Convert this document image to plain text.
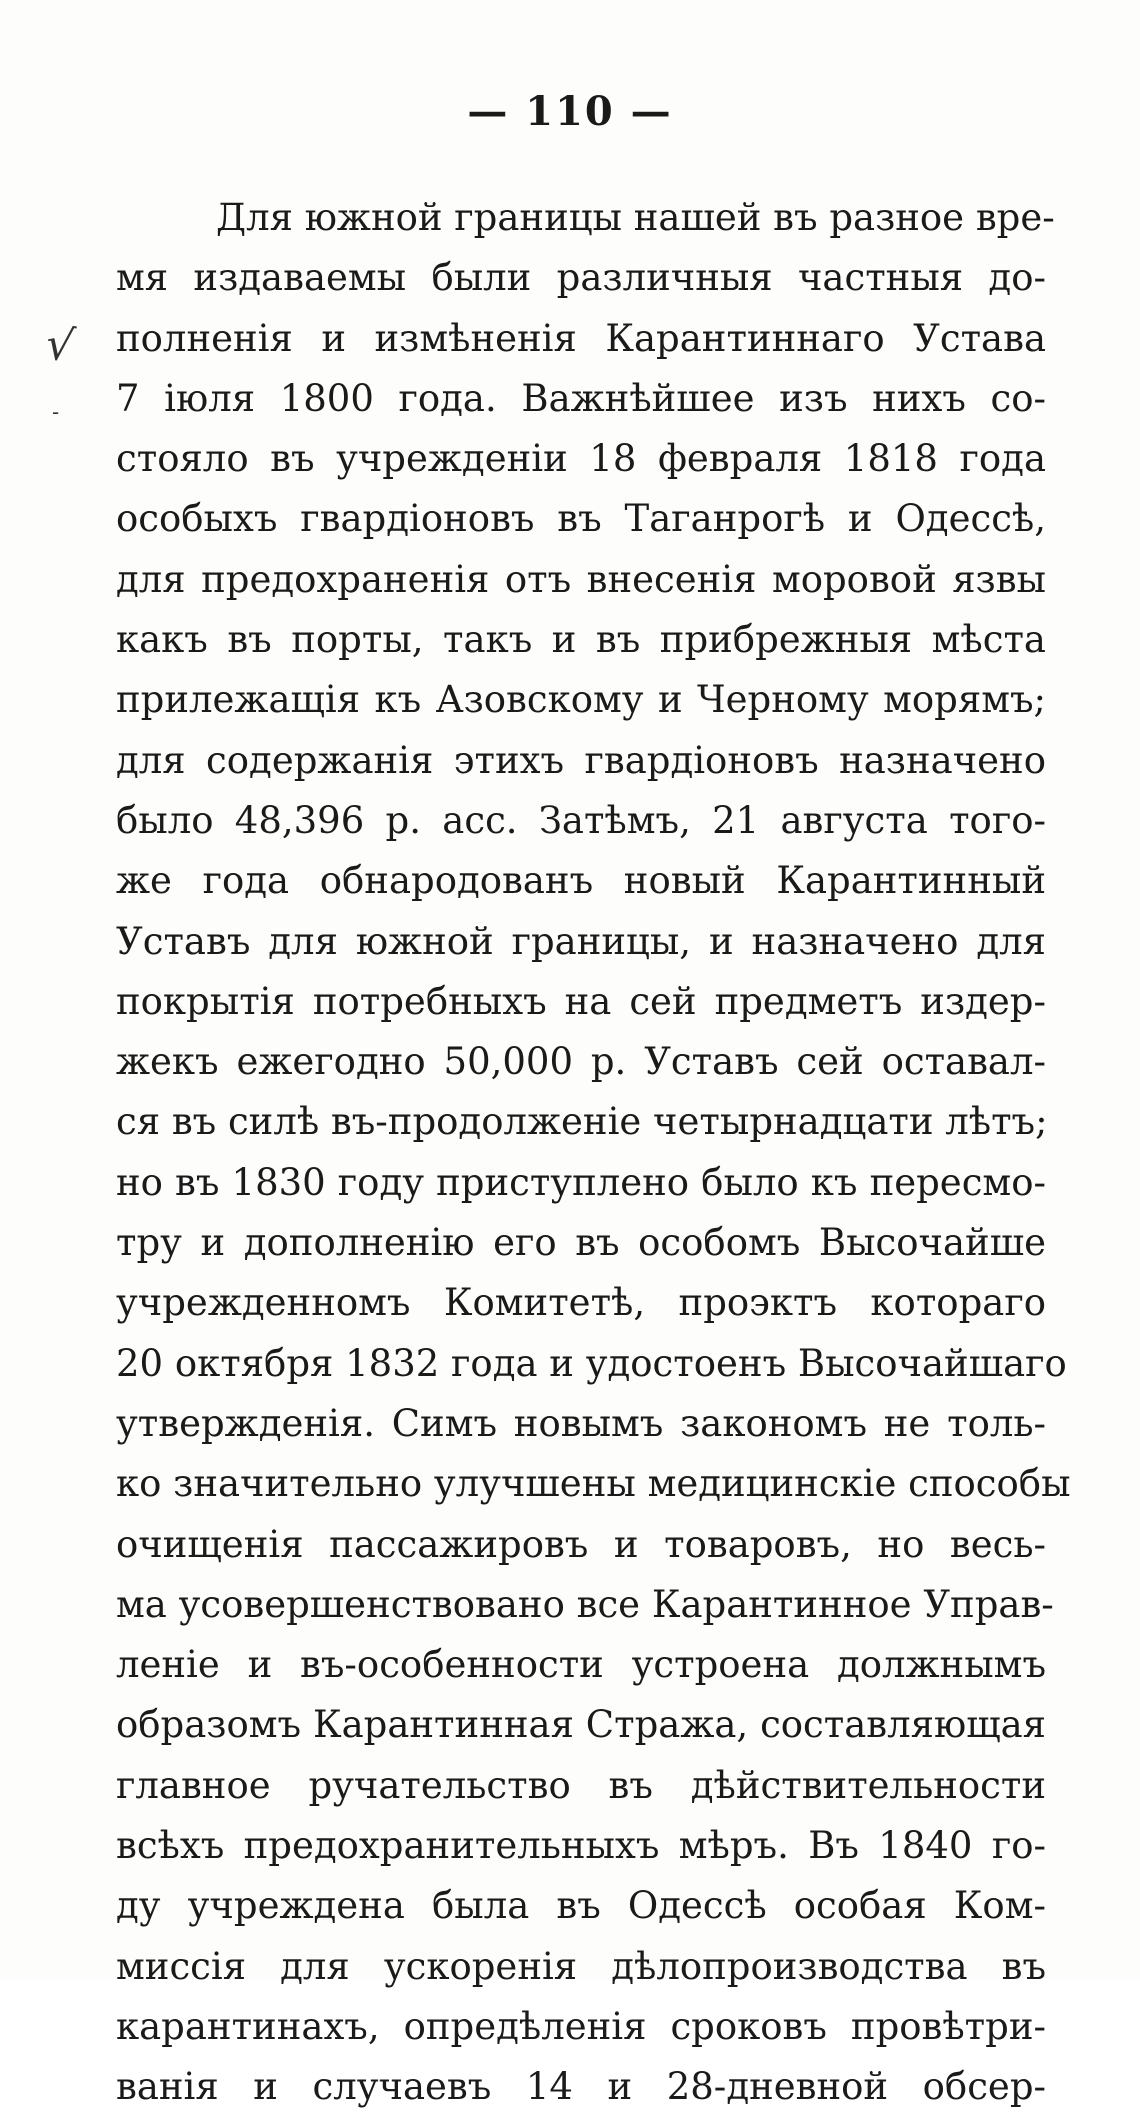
— 110 —
√
-
Для южной границы нашей въ разное вре-
мя издаваемы были различныя частныя до-
полненія и измѣненія Карантиннаго Устава
7 іюля 1800 года. Важнѣйшее изъ нихъ со-
стояло въ учрежденіи 18 февраля 1818 года
особыхъ гвардіоновъ въ Таганрогѣ и Одессѣ,
для предохраненія отъ внесенія моровой язвы
какъ въ порты, такъ и въ прибрежныя мѣста
прилежащія къ Азовскому и Черному морямъ;
для содержанія этихъ гвардіоновъ назначено
было 48,396 р. асс. Затѣмъ, 21 августа того-
же года обнародованъ новый Карантинный
Уставъ для южной границы, и назначено для
покрытія потребныхъ на сей предметъ издер-
жекъ ежегодно 50,000 р. Уставъ сей оставал-
ся въ силѣ въ-продолженіе четырнадцати лѣтъ;
но въ 1830 году приступлено было къ пересмо-
тру и дополненію его въ особомъ Высочайше
учрежденномъ Комитетѣ, проэктъ котораго
20 октября 1832 года и удостоенъ Высочайшаго
утвержденія. Симъ новымъ закономъ не толь-
ко значительно улучшены медицинскіе способы
очищенія пассажировъ и товаровъ, но весь-
ма усовершенствовано все Карантинное Управ-
леніе и въ-особенности устроена должнымъ
образомъ Карантинная Стража, составляющая
главное ручательство въ дѣйствительности
всѣхъ предохранительныхъ мѣръ. Въ 1840 го-
ду учреждена была въ Одессѣ особая Ком-
миссія для ускоренія дѣлопроизводства въ
карантинахъ, опредѣленія сроковъ провѣтри-
ванія и случаевъ 14 и 28-дневной обсер-
